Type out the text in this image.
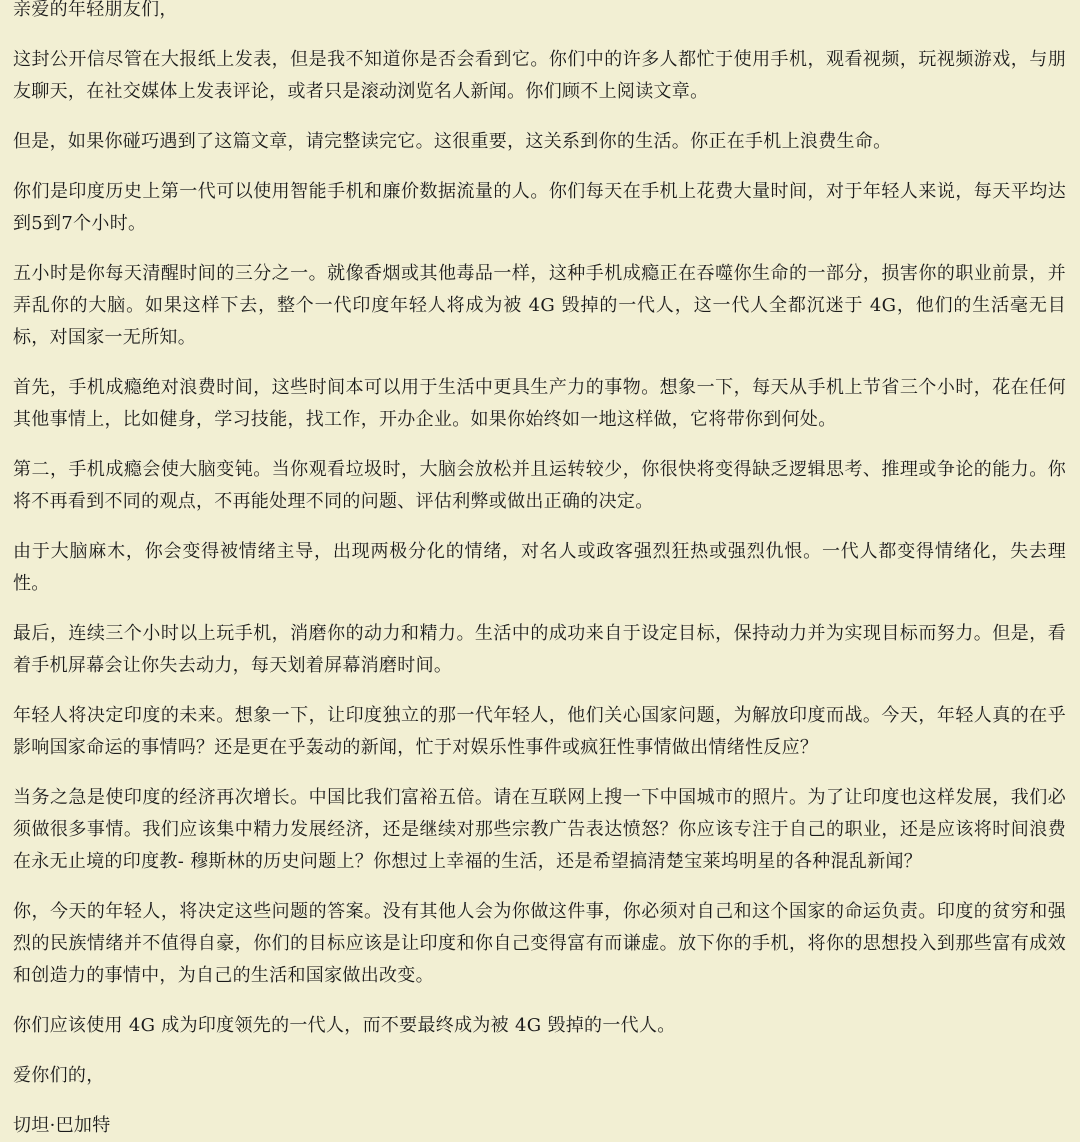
亲爱的年轻朋友们，

这封公开信尽管在大报纸上发表，但是我不知道你是否会看到它。你们中的许多人都忙于使用手机，观看视频，玩视频游戏，与朋友聊天，在社交媒体上发表评论，或者只是滚动浏览名人新闻。你们顾不上阅读文章。

但是，如果你碰巧遇到了这篇文章，请完整读完它。这很重要，这关系到你的生活。你正在手机上浪费生命。

你们是印度历史上第一代可以使用智能手机和廉价数据流量的人。你们每天在手机上花费大量时间，对于年轻人来说，每天平均达到5到7个小时。

五小时是你每天清醒时间的三分之一。就像香烟或其他毒品一样，这种手机成瘾正在吞噬你生命的一部分，损害你的职业前景，并弄乱你的大脑。如果这样下去，整个一代印度年轻人将成为被 4G 毁掉的一代人，这一代人全都沉迷于 4G，他们的生活毫无目标，对国家一无所知。

首先，手机成瘾绝对浪费时间，这些时间本可以用于生活中更具生产力的事物。想象一下，每天从手机上节省三个小时，花在任何其他事情上，比如健身，学习技能，找工作，开办企业。如果你始终如一地这样做，它将带你到何处。

第二，手机成瘾会使大脑变钝。当你观看垃圾时，大脑会放松并且运转较少，你很快将变得缺乏逻辑思考、推理或争论的能力。你将不再看到不同的观点，不再能处理不同的问题、评估利弊或做出正确的决定。

由于大脑麻木，你会变得被情绪主导，出现两极分化的情绪，对名人或政客强烈狂热或强烈仇恨。一代人都变得情绪化，失去理性。

最后，连续三个小时以上玩手机，消磨你的动力和精力。生活中的成功来自于设定目标，保持动力并为实现目标而努力。但是，看着手机屏幕会让你失去动力，每天划着屏幕消磨时间。

年轻人将决定印度的未来。想象一下，让印度独立的那一代年轻人，他们关心国家问题，为解放印度而战。今天，年轻人真的在乎影响国家命运的事情吗？还是更在乎轰动的新闻，忙于对娱乐性事件或疯狂性事情做出情绪性反应？

当务之急是使印度的经济再次增长。中国比我们富裕五倍。请在互联网上搜一下中国城市的照片。为了让印度也这样发展，我们必须做很多事情。我们应该集中精力发展经济，还是继续对那些宗教广告表达愤怒？你应该专注于自己的职业，还是应该将时间浪费在永无止境的印度教- 穆斯林的历史问题上？你想过上幸福的生活，还是希望搞清楚宝莱坞明星的各种混乱新闻？

你，今天的年轻人，将决定这些问题的答案。没有其他人会为你做这件事，你必须对自己和这个国家的命运负责。印度的贫穷和强烈的民族情绪并不值得自豪，你们的目标应该是让印度和你自己变得富有而谦虚。放下你的手机，将你的思想投入到那些富有成效和创造力的事情中，为自己的生活和国家做出改变。

你们应该使用 4G 成为印度领先的一代人，而不要最终成为被 4G 毁掉的一代人。

爱你们的，

切坦·巴加特
